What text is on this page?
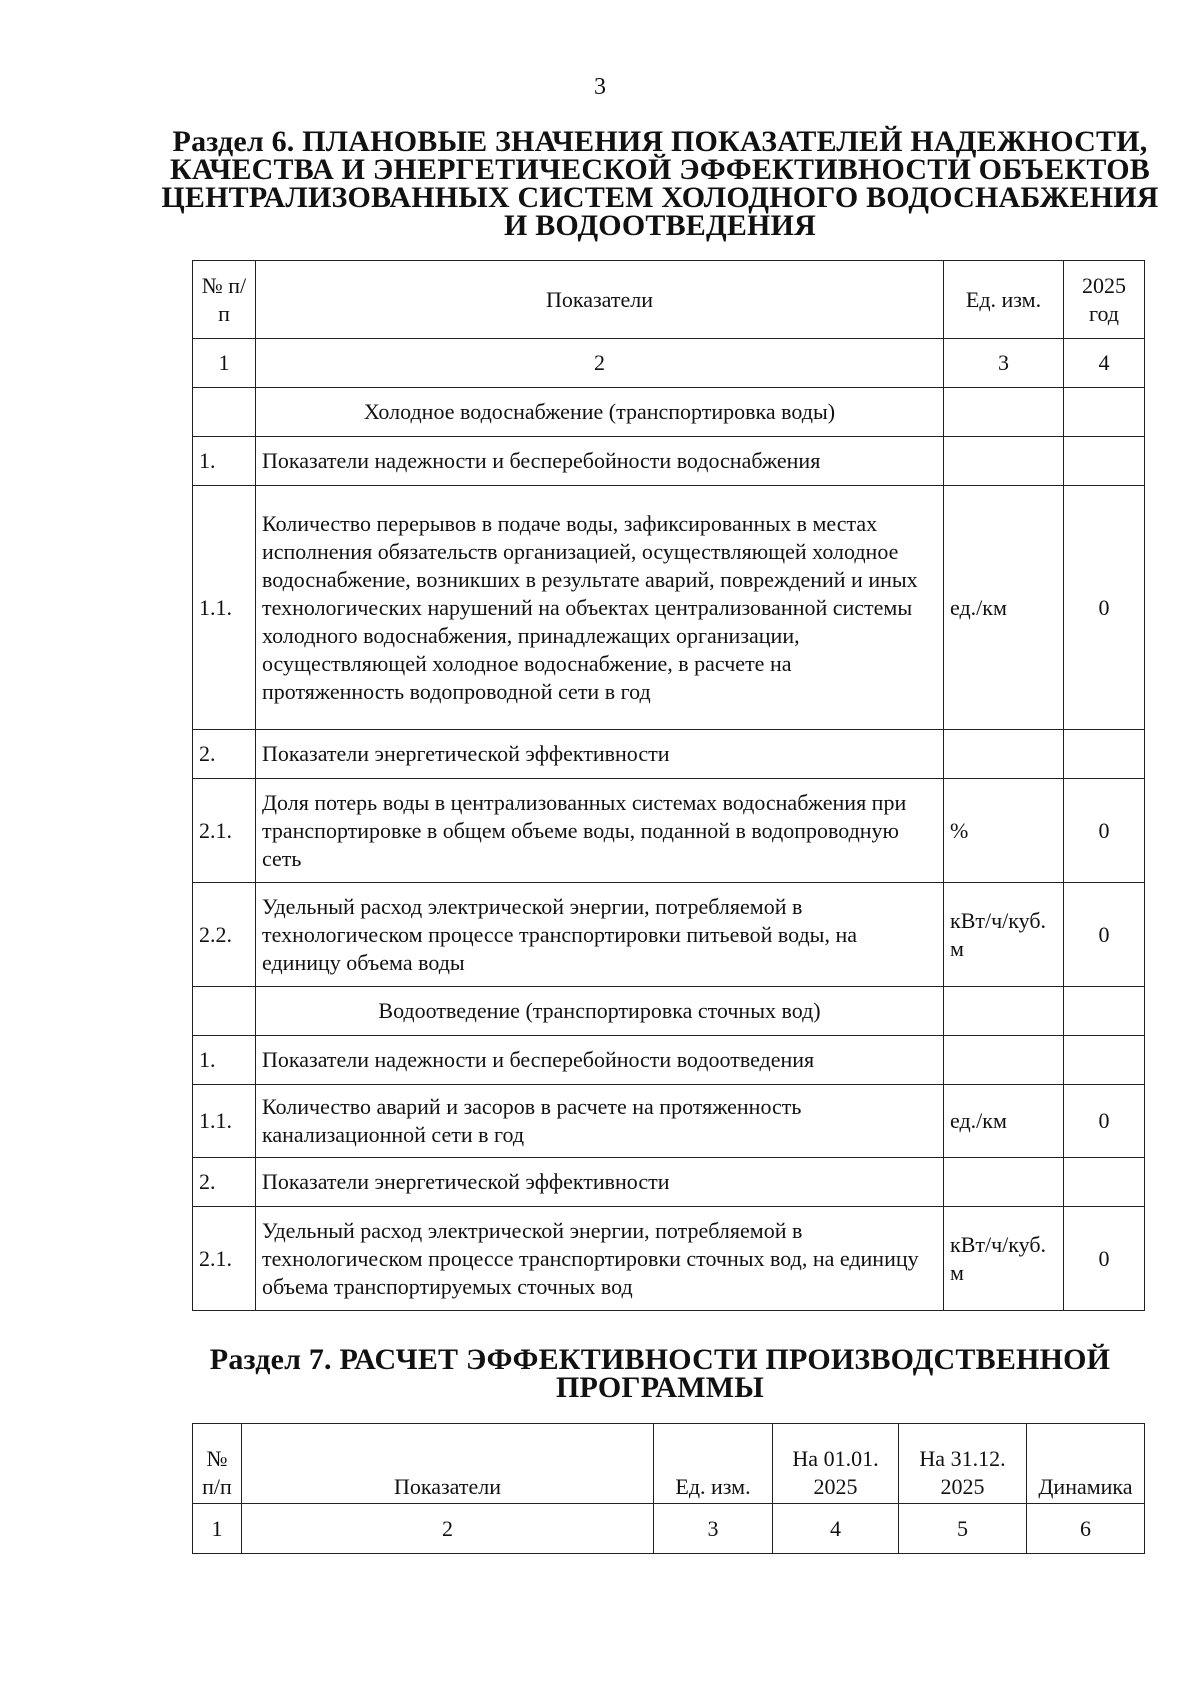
3
Раздел 6. ПЛАНОВЫЕ ЗНАЧЕНИЯ ПОКАЗАТЕЛЕЙ НАДЕЖНОСТИ, КАЧЕСТВА И ЭНЕРГЕТИЧЕСКОЙ ЭФФЕКТИВНОСТИ ОБЪЕКТОВ ЦЕНТРАЛИЗОВАННЫХ СИСТЕМ ХОЛОДНОГО ВОДОСНАБЖЕНИЯ И ВОДООТВЕДЕНИЯ
№ п/п	Показатели	Ед. изм.	2025 год
1	2	3	4
	Холодное водоснабжение (транспортировка воды)		
1.	Показатели надежности и бесперебойности водоснабжения		
1.1.	Количество перерывов в подаче воды, зафиксированных в местах исполнения обязательств организацией, осуществляющей холодное водоснабжение, возникших в результате аварий, повреждений и иных технологических нарушений на объектах централизованной системы холодного водоснабжения, принадлежащих организации, осуществляющей холодное водоснабжение, в расчете на протяженность водопроводной сети в год	ед./км	0
2.	Показатели энергетической эффективности		
2.1.	Доля потерь воды в централизованных системах водоснабжения при транспортировке в общем объеме воды, поданной в водопроводную сеть	%	0
2.2.	Удельный расход электрической энергии, потребляемой в технологическом процессе транспортировки питьевой воды, на единицу объема воды	кВт/ч/куб. м	0
	Водоотведение (транспортировка сточных вод)		
1.	Показатели надежности и бесперебойности водоотведения		
1.1.	Количество аварий и засоров в расчете на протяженность канализационной сети в год	ед./км	0
2.	Показатели энергетической эффективности		
2.1.	Удельный расход электрической энергии, потребляемой в технологическом процессе транспортировки сточных вод, на единицу объема транспортируемых сточных вод	кВт/ч/куб. м	0
Раздел 7. РАСЧЕТ ЭФФЕКТИВНОСТИ ПРОИЗВОДСТВЕННОЙ ПРОГРАММЫ
№ п/п	Показатели	Ед. изм.	На 01.01. 2025	На 31.12. 2025	Динамика
1	2	3	4	5	6
